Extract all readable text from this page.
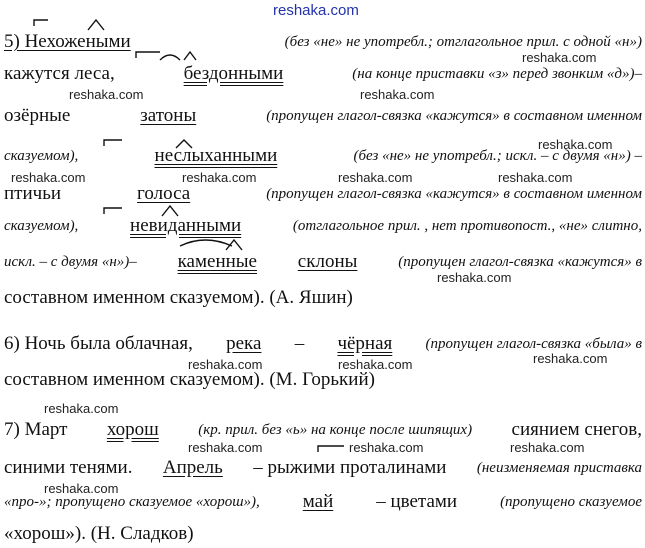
reshaka.com
reshaka.com
reshaka.com	reshaka.com
reshaka.com
reshaka.com	reshaka.com	reshaka.com	reshaka.com
reshaka.com
reshaka.com
reshaka.com	reshaka.com
reshaka.com
reshaka.com	reshaka.com	reshaka.com
reshaka.com
5) Нехожеными	(без «не» не употребл.; отглагольное прил. с одной «н»)
кажутся леса,	бездонными	(на конце приставки «з» перед звонким «д»)–
озёрные	затоны	(пропущен глагол-связка «кажутся» в составном именном
сказуемом),	неслыханными	(без «не» не употребл.; искл. – с двумя «н») –
птичьи	голоса	(пропущен глагол-связка «кажутся» в составном именном
сказуемом),	невиданными	(отглагольное прил. , нет противопост., «не» слитно,
искл. – с двумя «н»)– каменные склоны	(пропущен глагол-связка «кажутся» в
составном именном сказуемом). (А. Яшин)
6) Ночь была облачная, река – чёрная (пропущен глагол-связка «была» в
составном именном сказуемом). (М. Горький)
7) Март хорош	(кр. прил. без «ь» на конце после шипящих) сиянием снегов,
синими тенями. Апрель – рыжими проталинами (неизменяемая приставка
«про-»; пропущено сказуемое «хорош»), май – цветами	(пропущено сказуемое
«хорош»). (Н. Сладков)
